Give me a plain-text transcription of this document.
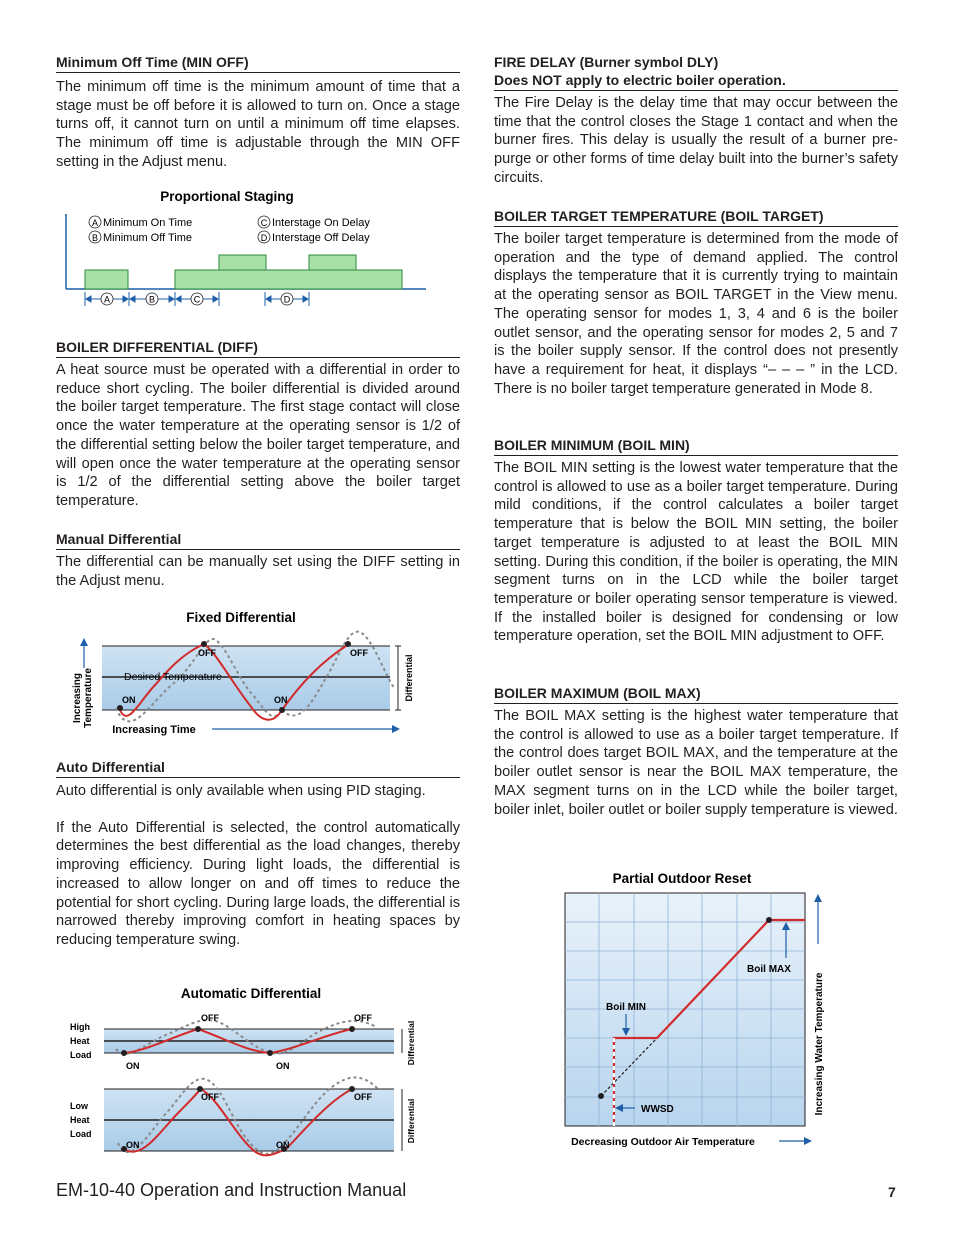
Minimum Off Time (MIN OFF)

The minimum off time is the minimum amount of time that a stage must be off before it is allowed to turn on. Once a stage turns off, it cannot turn on until a minimum off time elapses. The minimum off time is adjustable through the MIN OFF setting in the Adjust menu.

Proportional Staging
A Minimum On Time
B Minimum Off Time
C Interstage On Delay
D Interstage Off Delay
A	B	C	D
BOILER DIFFERENTIAL (DIFF)

A heat source must be operated with a differential in order to reduce short cycling. The boiler differential is divided around the boiler target temperature. The first stage contact will close once the water temperature at the operating sensor is 1/2 of the differential setting below the boiler target temperature, and will open once the water temperature at the operating sensor is 1/2 of the differential setting above the boiler target temperature.

Manual Differential

The differential can be manually set using the DIFF setting in the Adjust menu.

Fixed Differential
OFF	OFF
ON	ON
Desired Temperature	Differential
Increasing Temperature
Increasing Time
Auto Differential

Auto differential is only available when using PID staging.

If the Auto Differential is selected, the control automatically determines the best differential as the load changes, thereby improving efficiency. During light loads, the differential is increased to allow longer on and off times to reduce the potential for short cycling. During large loads, the differential is narrowed thereby improving comfort in heating spaces by reducing temperature swing.

Automatic Differential
OFF	OFF
ON	ON
High
Heat
Load	Differential
OFF	OFF
ON	ON
Low
Heat
Load	Differential
FIRE DELAY (Burner symbol DLY)
Does NOT apply to electric boiler operation.

The Fire Delay is the delay time that may occur between the time that the control closes the Stage 1 contact and when the burner fires. This delay is usually the result of a burner pre-purge or other forms of time delay built into the burner’s safety circuits.

BOILER TARGET TEMPERATURE (BOIL TARGET)

The boiler target temperature is determined from the mode of operation and the type of demand applied. The control displays the temperature that it is currently trying to maintain at the operating sensor as BOIL TARGET in the View menu. The operating sensor for modes 1, 3, 4 and 6 is the boiler outlet sensor, and the operating sensor for modes 2, 5 and 7 is the boiler supply sensor. If the control does not presently have a requirement for heat, it displays “– – – ” in the LCD. There is no boiler target temperature generated in Mode 8.

BOILER MINIMUM (BOIL MIN)

The BOIL MIN setting is the lowest water temperature that the control is allowed to use as a boiler target temperature. During mild conditions, if the control calculates a boiler target temperature that is below the BOIL MIN setting, the boiler target temperature is adjusted to at least the BOIL MIN setting. During this condition, if the boiler is operating, the MIN segment turns on in the LCD while the boiler target temperature or boiler operating sensor temperature is viewed. If the installed boiler is designed for condensing or low temperature operation, set the BOIL MIN adjustment to OFF.

BOILER MAXIMUM (BOIL MAX)

The BOIL MAX setting is the highest water temperature that the control is allowed to use as a boiler target temperature. If the control does target BOIL MAX, and the temperature at the boiler outlet sensor is near the BOIL MAX temperature, the MAX segment turns on in the LCD while the boiler target, boiler inlet, boiler outlet or boiler supply temperature is viewed.

Partial Outdoor Reset
Boil MAX
Boil MIN
WWSD
Decreasing Outdoor Air Temperature
Increasing Water Temperature
EM-10-40 Operation and Instruction Manual	7
